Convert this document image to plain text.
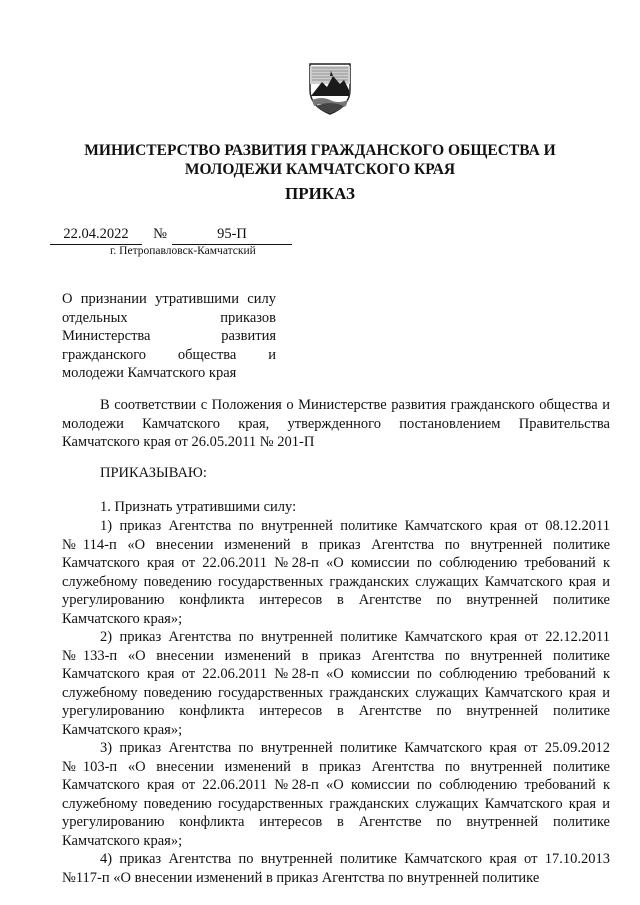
МИНИСТЕРСТВО РАЗВИТИЯ ГРАЖДАНСКОГО ОБЩЕСТВА И
МОЛОДЕЖИ КАМЧАТСКОГО КРАЯ
ПРИКАЗ
22.04.2022	№	95-П
г. Петропавловск-Камчатский
О признании утратившими силу отдельных приказов Министерства развития гражданского общества и молодежи Камчатского края
В соответствии с Положения о Министерстве развития гражданского общества и молодежи Камчатского края, утвержденного постановлением Правительства Камчатского края от 26.05.2011 № 201-П
ПРИКАЗЫВАЮ:
1. Признать утратившими силу:

1) приказ Агентства по внутренней политике Камчатского края от 08.12.2011 №114-п «О внесении изменений в приказ Агентства по внутренней политике Камчатского края от 22.06.2011 №28-п «О комиссии по соблюдению требований к служебному поведению государственных гражданских служащих Камчатского края и урегулированию конфликта интересов в Агентстве по внутренней политике Камчатского края»;

2) приказ Агентства по внутренней политике Камчатского края от 22.12.2011 №133-п «О внесении изменений в приказ Агентства по внутренней политике Камчатского края от 22.06.2011 №28-п «О комиссии по соблюдению требований к служебному поведению государственных гражданских служащих Камчатского края и урегулированию конфликта интересов в Агентстве по внутренней политике Камчатского края»;

3) приказ Агентства по внутренней политике Камчатского края от 25.09.2012 №103-п «О внесении изменений в приказ Агентства по внутренней политике Камчатского края от 22.06.2011 №28-п «О комиссии по соблюдению требований к служебному поведению государственных гражданских служащих Камчатского края и урегулированию конфликта интересов в Агентстве по внутренней политике Камчатского края»;

4) приказ Агентства по внутренней политике Камчатского края от 17.10.2013 №117-п «О внесении изменений в приказ Агентства по внутренней политике
